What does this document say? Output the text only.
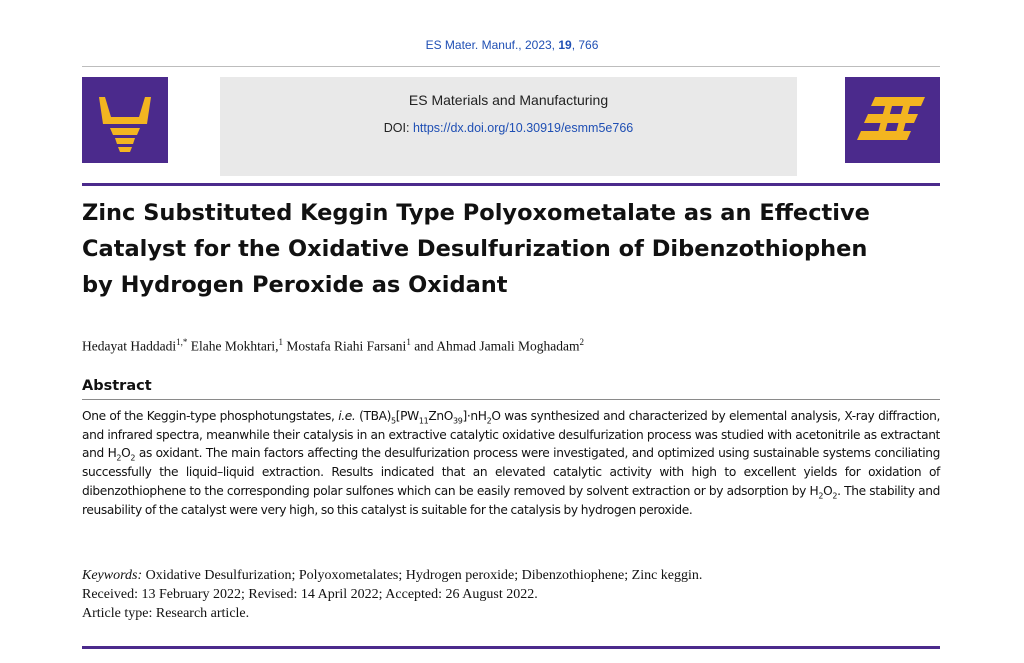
ES Mater. Manuf., 2023, 19, 766
ES Materials and Manufacturing
DOI: https://dx.doi.org/10.30919/esmm5e766
Zinc Substituted Keggin Type Polyoxometalate as an Effective
Catalyst for the Oxidative Desulfurization of Dibenzothiophen
by Hydrogen Peroxide as Oxidant
Hedayat Haddadi$^{1,*}$ Elahe Mokhtari,$^1$ Mostafa Riahi Farsani$^1$ and Ahmad Jamali Moghadam$^2$
Abstract

One of the Keggin-type phosphotungstates, i.e. $(TBA)_5[PW_{11}ZnO_{39}]\cdot nH_2O$ was synthesized and characterized by elemental analysis, X-ray diffraction, and infrared spectra, meanwhile their catalysis in an extractive catalytic oxidative desulfurization process was studied with acetonitrile as extractant and $H_2O_2$ as oxidant. The main factors affecting the desulfurization process were investigated, and optimized using sustainable systems conciliating successfully the liquid–liquid extraction. Results indicated that an elevated catalytic activity with high to excellent yields for oxidation of dibenzothiophene to the corresponding polar sulfones which can be easily removed by solvent extraction or by adsorption by $H_2O_2$. The stability and reusability of the catalyst were very high, so this catalyst is suitable for the catalysis by hydrogen peroxide.

Keywords: Oxidative Desulfurization; Polyoxometalates; Hydrogen peroxide; Dibenzothiophene; Zinc keggin.
Received: 13 February 2022; Revised: 14 April 2022; Accepted: 26 August 2022.
Article type: Research article.
